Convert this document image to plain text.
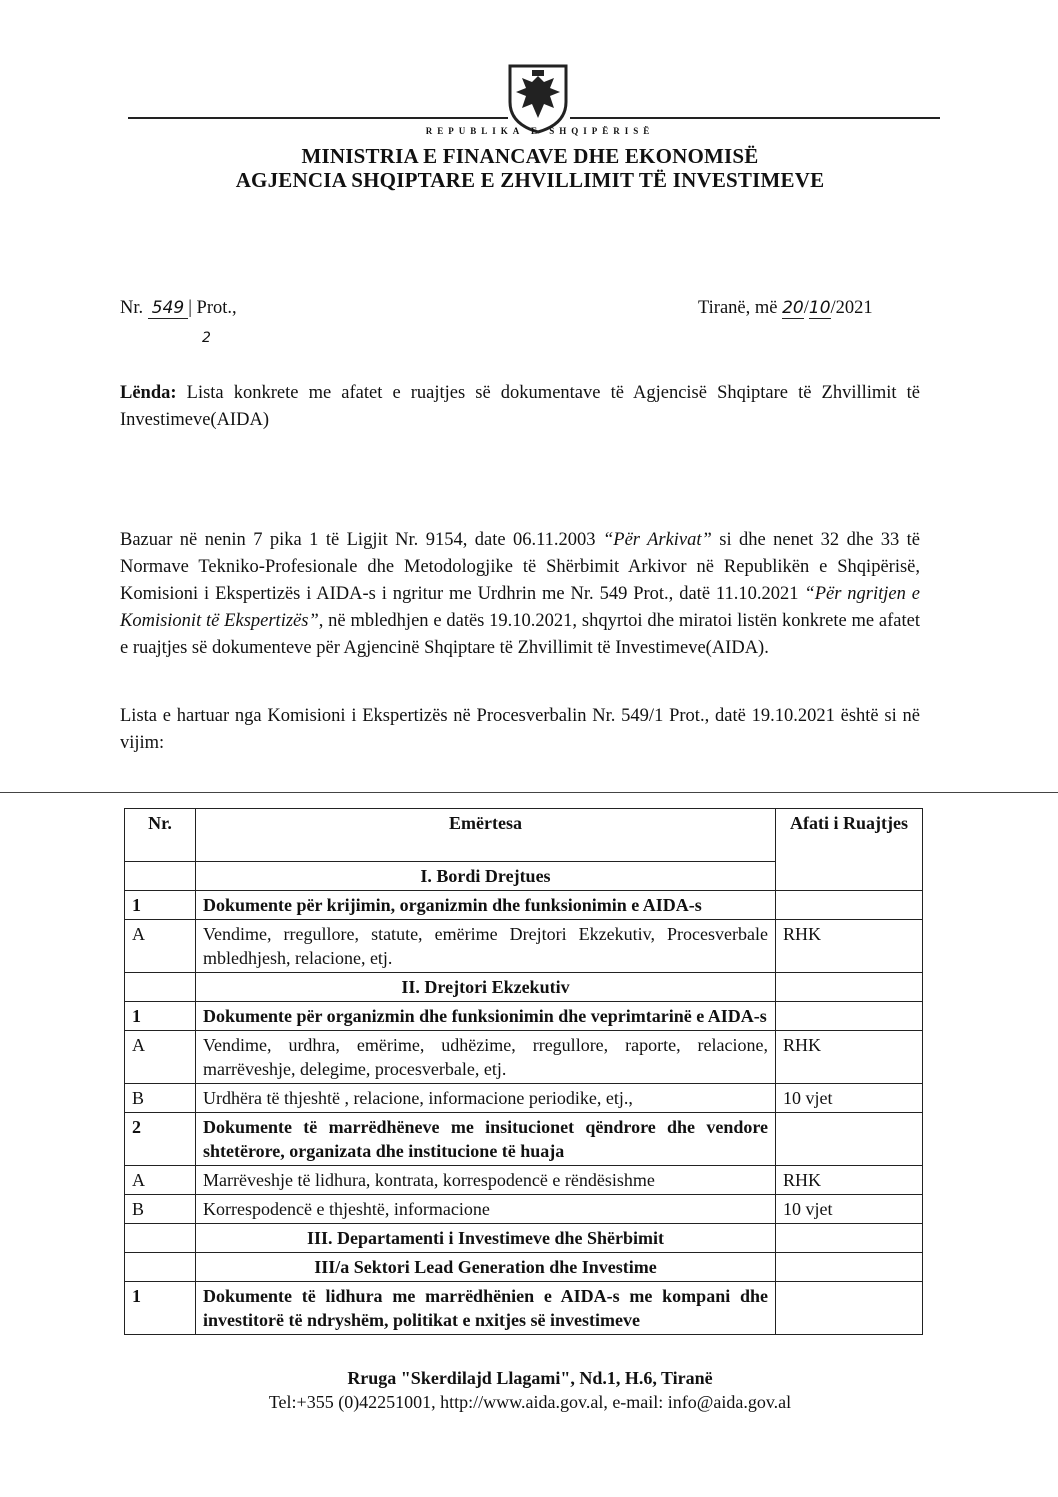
REPUBLIKA E SHQIPËRISË
MINISTRIA E FINANCAVE DHE EKONOMISË
AGJENCIA SHQIPTARE E ZHVILLIMIT TË INVESTIMEVE
Nr. 549 | Prot.,
2
Tiranë, më 20/10/2021
Lënda: Lista konkrete me afatet e ruajtjes së dokumentave të Agjencisë Shqiptare të Zhvillimit të Investimeve(AIDA)
Bazuar në nenin 7 pika 1 të Ligjit Nr. 9154, date 06.11.2003 “Për Arkivat” si dhe nenet 32 dhe 33 të Normave Tekniko-Profesionale dhe Metodologjike të Shërbimit Arkivor në Republikën e Shqipërisë, Komisioni i Ekspertizës i AIDA-s i ngritur me Urdhrin me Nr. 549 Prot., datë 11.10.2021 “Për ngritjen e Komisionit të Ekspertizës”, në mbledhjen e datës 19.10.2021, shqyrtoi dhe miratoi listën konkrete me afatet e ruajtjes së dokumenteve për Agjencinë Shqiptare të Zhvillimit të Investimeve(AIDA).
Lista e hartuar nga Komisioni i Ekspertizës në Procesverbalin Nr. 549/1 Prot., datë 19.10.2021 është si në vijim:
Nr.	Emërtesa	Afati i Ruajtjes
	I. Bordi Drejtues	
1	Dokumente për krijimin, organizmin dhe funksionimin e AIDA-s	
A	Vendime, rregullore, statute, emërime Drejtori Ekzekutiv, Procesverbale mbledhjesh, relacione, etj.	RHK
	II. Drejtori Ekzekutiv	
1	Dokumente për organizmin dhe funksionimin dhe veprimtarinë e AIDA-s	
A	Vendime, urdhra, emërime, udhëzime, rregullore, raporte, relacione, marrëveshje, delegime, procesverbale, etj.	RHK
B	Urdhëra të thjeshtë , relacione, informacione periodike, etj.,	10 vjet
2	Dokumente të marrëdhëneve me insitucionet qëndrore dhe vendore shtetërore, organizata dhe institucione të huaja	
A	Marrëveshje të lidhura, kontrata, korrespodencë e rëndësishme	RHK
B	Korrespodencë e thjeshtë, informacione	10 vjet
	III. Departamenti i Investimeve dhe Shërbimit	
	III/a Sektori Lead Generation dhe Investime	
1	Dokumente të lidhura me marrëdhënien e AIDA-s me kompani dhe investitorë të ndryshëm, politikat e nxitjes së investimeve	
Rruga "Skerdilajd Llagami", Nd.1, H.6, Tiranë
Tel:+355 (0)42251001, http://www.aida.gov.al, e-mail: info@aida.gov.al
